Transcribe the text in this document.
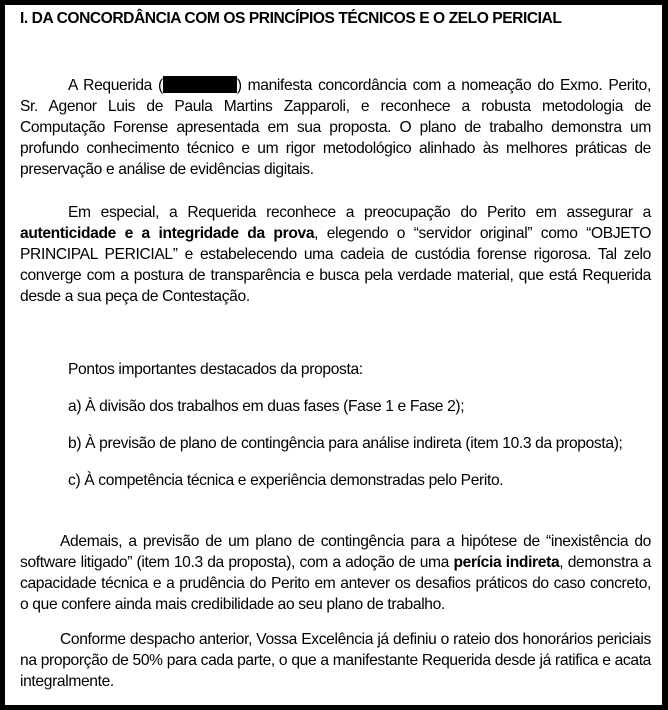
I. DA CONCORDÂNCIA COM OS PRINCÍPIOS TÉCNICOS E O ZELO PERICIAL

A Requerida (	) manifesta concordância com a nomeação do Exmo. Perito, Sr. Agenor Luis de Paula Martins Zapparoli, e reconhece a robusta metodologia de Computação Forense apresentada em sua proposta. O plano de trabalho demonstra um profundo conhecimento técnico e um rigor metodológico alinhado às melhores práticas de preservação e análise de evidências digitais.

Em especial, a Requerida reconhece a preocupação do Perito em assegurar a autenticidade e a integridade da prova, elegendo o “servidor original” como “OBJETO PRINCIPAL PERICIAL” e estabelecendo uma cadeia de custódia forense rigorosa. Tal zelo converge com a postura de transparência e busca pela verdade material, que está Requerida desde a sua peça de Contestação.

Pontos importantes destacados da proposta:
a) À divisão dos trabalhos em duas fases (Fase 1 e Fase 2);
b) À previsão de plano de contingência para análise indireta (item 10.3 da proposta);
c) À competência técnica e experiência demonstradas pelo Perito.

Ademais, a previsão de um plano de contingência para a hipótese de “inexistência do software litigado” (item 10.3 da proposta), com a adoção de uma perícia indireta, demonstra a capacidade técnica e a prudência do Perito em antever os desafios práticos do caso concreto, o que confere ainda mais credibilidade ao seu plano de trabalho.

Conforme despacho anterior, Vossa Excelência já definiu o rateio dos honorários periciais na proporção de 50% para cada parte, o que a manifestante Requerida desde já ratifica e acata integralmente.
